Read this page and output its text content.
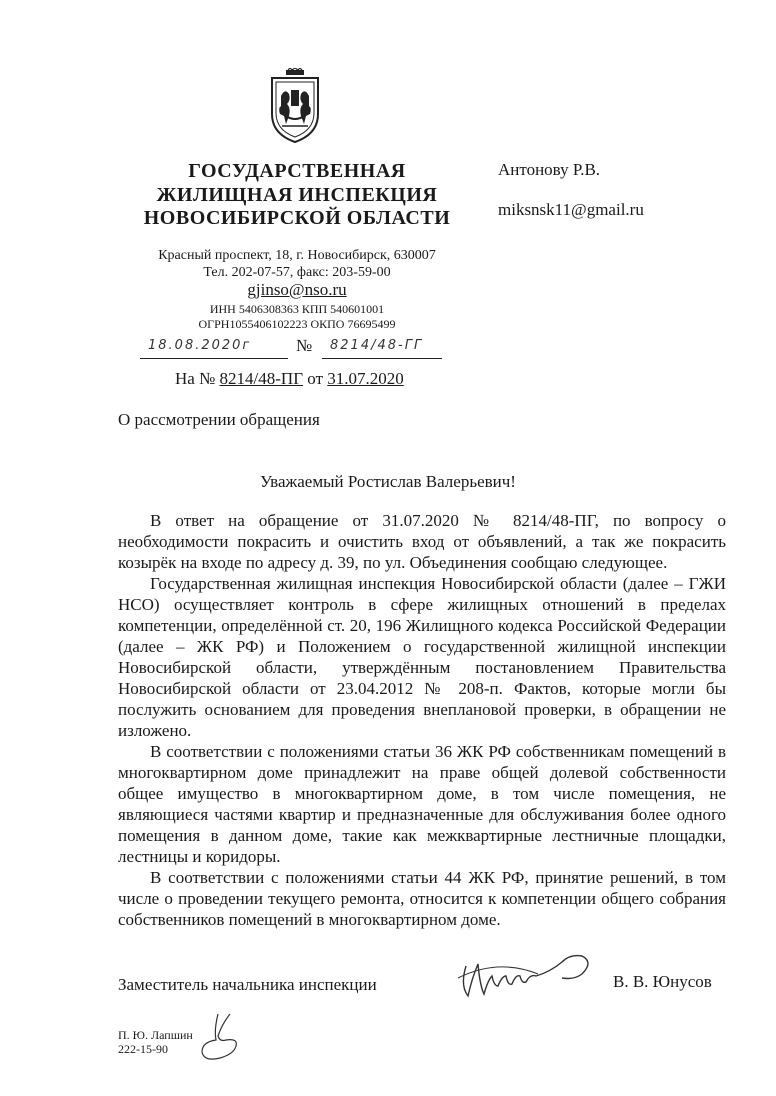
ГОСУДАРСТВЕННАЯ
ЖИЛИЩНАЯ ИНСПЕКЦИЯ
НОВОСИБИРСКОЙ ОБЛАСТИ
Красный проспект, 18, г. Новосибирск, 630007
Тел. 202-07-57, факс: 203-59-00
gjinso@nso.ru
ИНН 5406308363 КПП 540601001
ОГРН1055406102223 ОКПО 76695499
Антонову Р.В.
miksnsk11@gmail.ru
18.08.2020г	№ 8214/48-ГГ
На № 8214/48-ПГ от 31.07.2020
О рассмотрении обращения
Уважаемый Ростислав Валерьевич!

В ответ на обращение от 31.07.2020 № 8214/48-ПГ, по вопросу о необходимости покрасить и очистить вход от объявлений, а так же покрасить козырёк на входе по адресу д. 39, по ул. Объединения сообщаю следующее.

Государственная жилищная инспекция Новосибирской области (далее – ГЖИ НСО) осуществляет контроль в сфере жилищных отношений в пределах компетенции, определённой ст. 20, 196 Жилищного кодекса Российской Федерации (далее – ЖК РФ) и Положением о государственной жилищной инспекции Новосибирской области, утверждённым постановлением Правительства Новосибирской области от 23.04.2012 № 208-п. Фактов, которые могли бы послужить основанием для проведения внеплановой проверки, в обращении не изложено.

В соответствии с положениями статьи 36 ЖК РФ собственникам помещений в многоквартирном доме принадлежит на праве общей долевой собственности общее имущество в многоквартирном доме, в том числе помещения, не являющиеся частями квартир и предназначенные для обслуживания более одного помещения в данном доме, такие как межквартирные лестничные площадки, лестницы и коридоры.

В соответствии с положениями статьи 44 ЖК РФ, принятие решений, в том числе о проведении текущего ремонта, относится к компетенции общего собрания собственников помещений в многоквартирном доме.

Заместитель начальника инспекции	В. В. Юнусов
П. Ю. Лапшин
222-15-90
